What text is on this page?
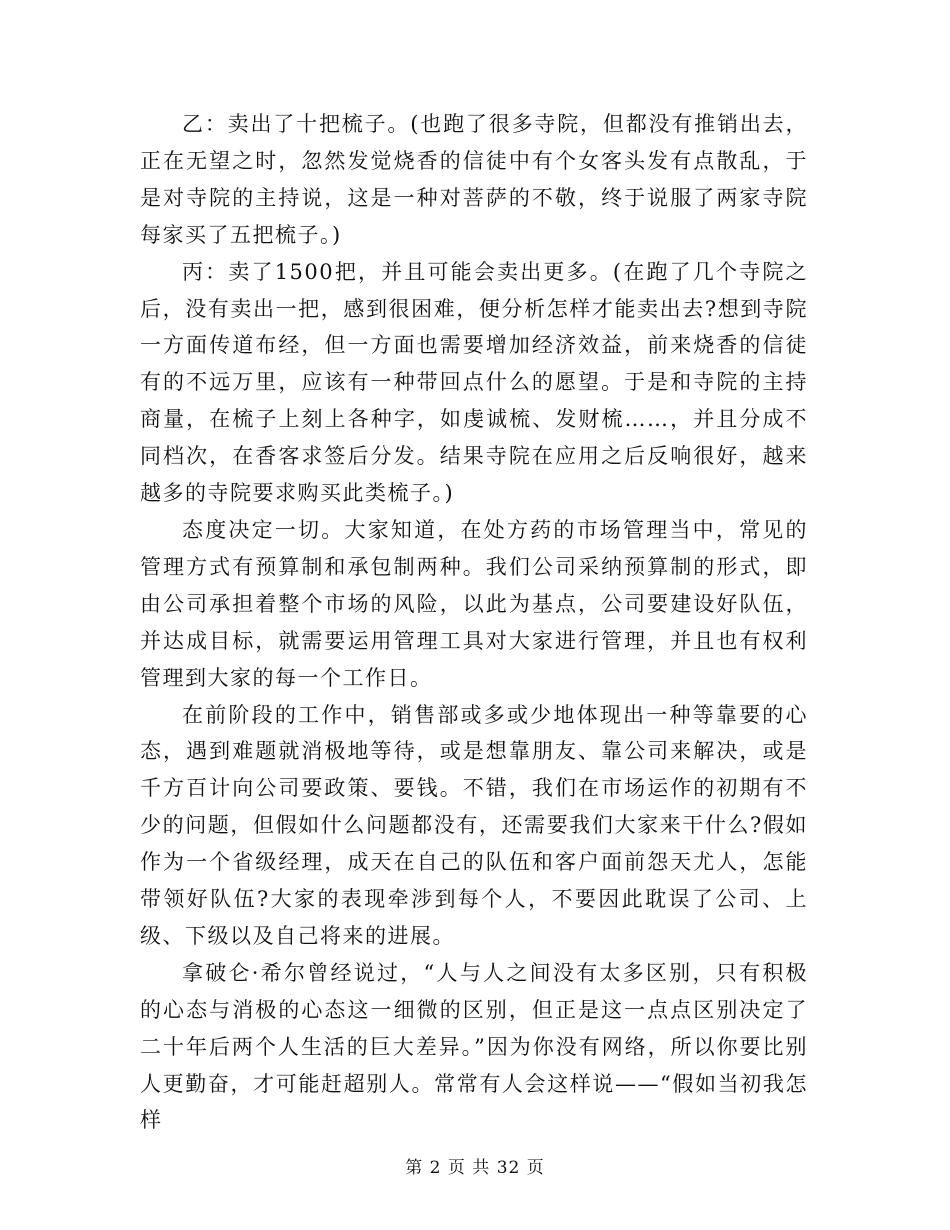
乙：卖出了十把梳子。(也跑了很多寺院，但都没有推销出去，正在无望之时，忽然发觉烧香的信徒中有个女客头发有点散乱，于是对寺院的主持说，这是一种对菩萨的不敬，终于说服了两家寺院每家买了五把梳子。)

丙：卖了1500把，并且可能会卖出更多。(在跑了几个寺院之后，没有卖出一把，感到很困难，便分析怎样才能卖出去?想到寺院一方面传道布经，但一方面也需要增加经济效益，前来烧香的信徒有的不远万里，应该有一种带回点什么的愿望。于是和寺院的主持商量，在梳子上刻上各种字，如虔诚梳、发财梳……，并且分成不同档次，在香客求签后分发。结果寺院在应用之后反响很好，越来越多的寺院要求购买此类梳子。)

态度决定一切。大家知道，在处方药的市场管理当中，常见的管理方式有预算制和承包制两种。我们公司采纳预算制的形式，即由公司承担着整个市场的风险，以此为基点，公司要建设好队伍，并达成目标，就需要运用管理工具对大家进行管理，并且也有权利管理到大家的每一个工作日。

在前阶段的工作中，销售部或多或少地体现出一种等靠要的心态，遇到难题就消极地等待，或是想靠朋友、靠公司来解决，或是千方百计向公司要政策、要钱。不错，我们在市场运作的初期有不少的问题，但假如什么问题都没有，还需要我们大家来干什么?假如作为一个省级经理，成天在自己的队伍和客户面前怨天尤人，怎能带领好队伍?大家的表现牵涉到每个人，不要因此耽误了公司、上级、下级以及自己将来的进展。

拿破仑·希尔曾经说过，“人与人之间没有太多区别，只有积极的心态与消极的心态这一细微的区别，但正是这一点点区别决定了二十年后两个人生活的巨大差异。”因为你没有网络，所以你要比别人更勤奋，才可能赶超别人。常常有人会这样说——“假如当初我怎样

第 2 页 共 32 页
